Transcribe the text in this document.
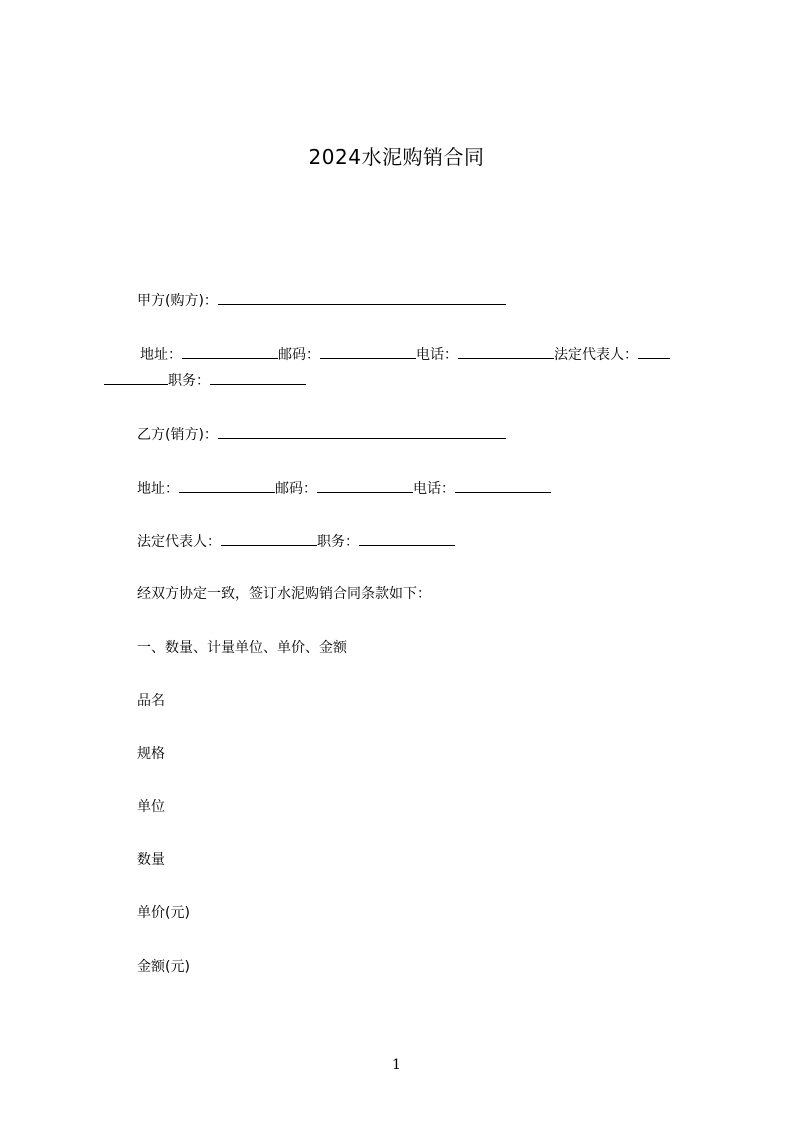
2024水泥购销合同
甲方(购方)：
地址：	邮码：	电话：	法定代表人：
职务：
乙方(销方)：
地址：	邮码：	电话：
法定代表人：	职务：
经双方协定一致，签订水泥购销合同条款如下：
一、数量、计量单位、单价、金额
品名
规格
单位
数量
单价(元)
金额(元)
1
